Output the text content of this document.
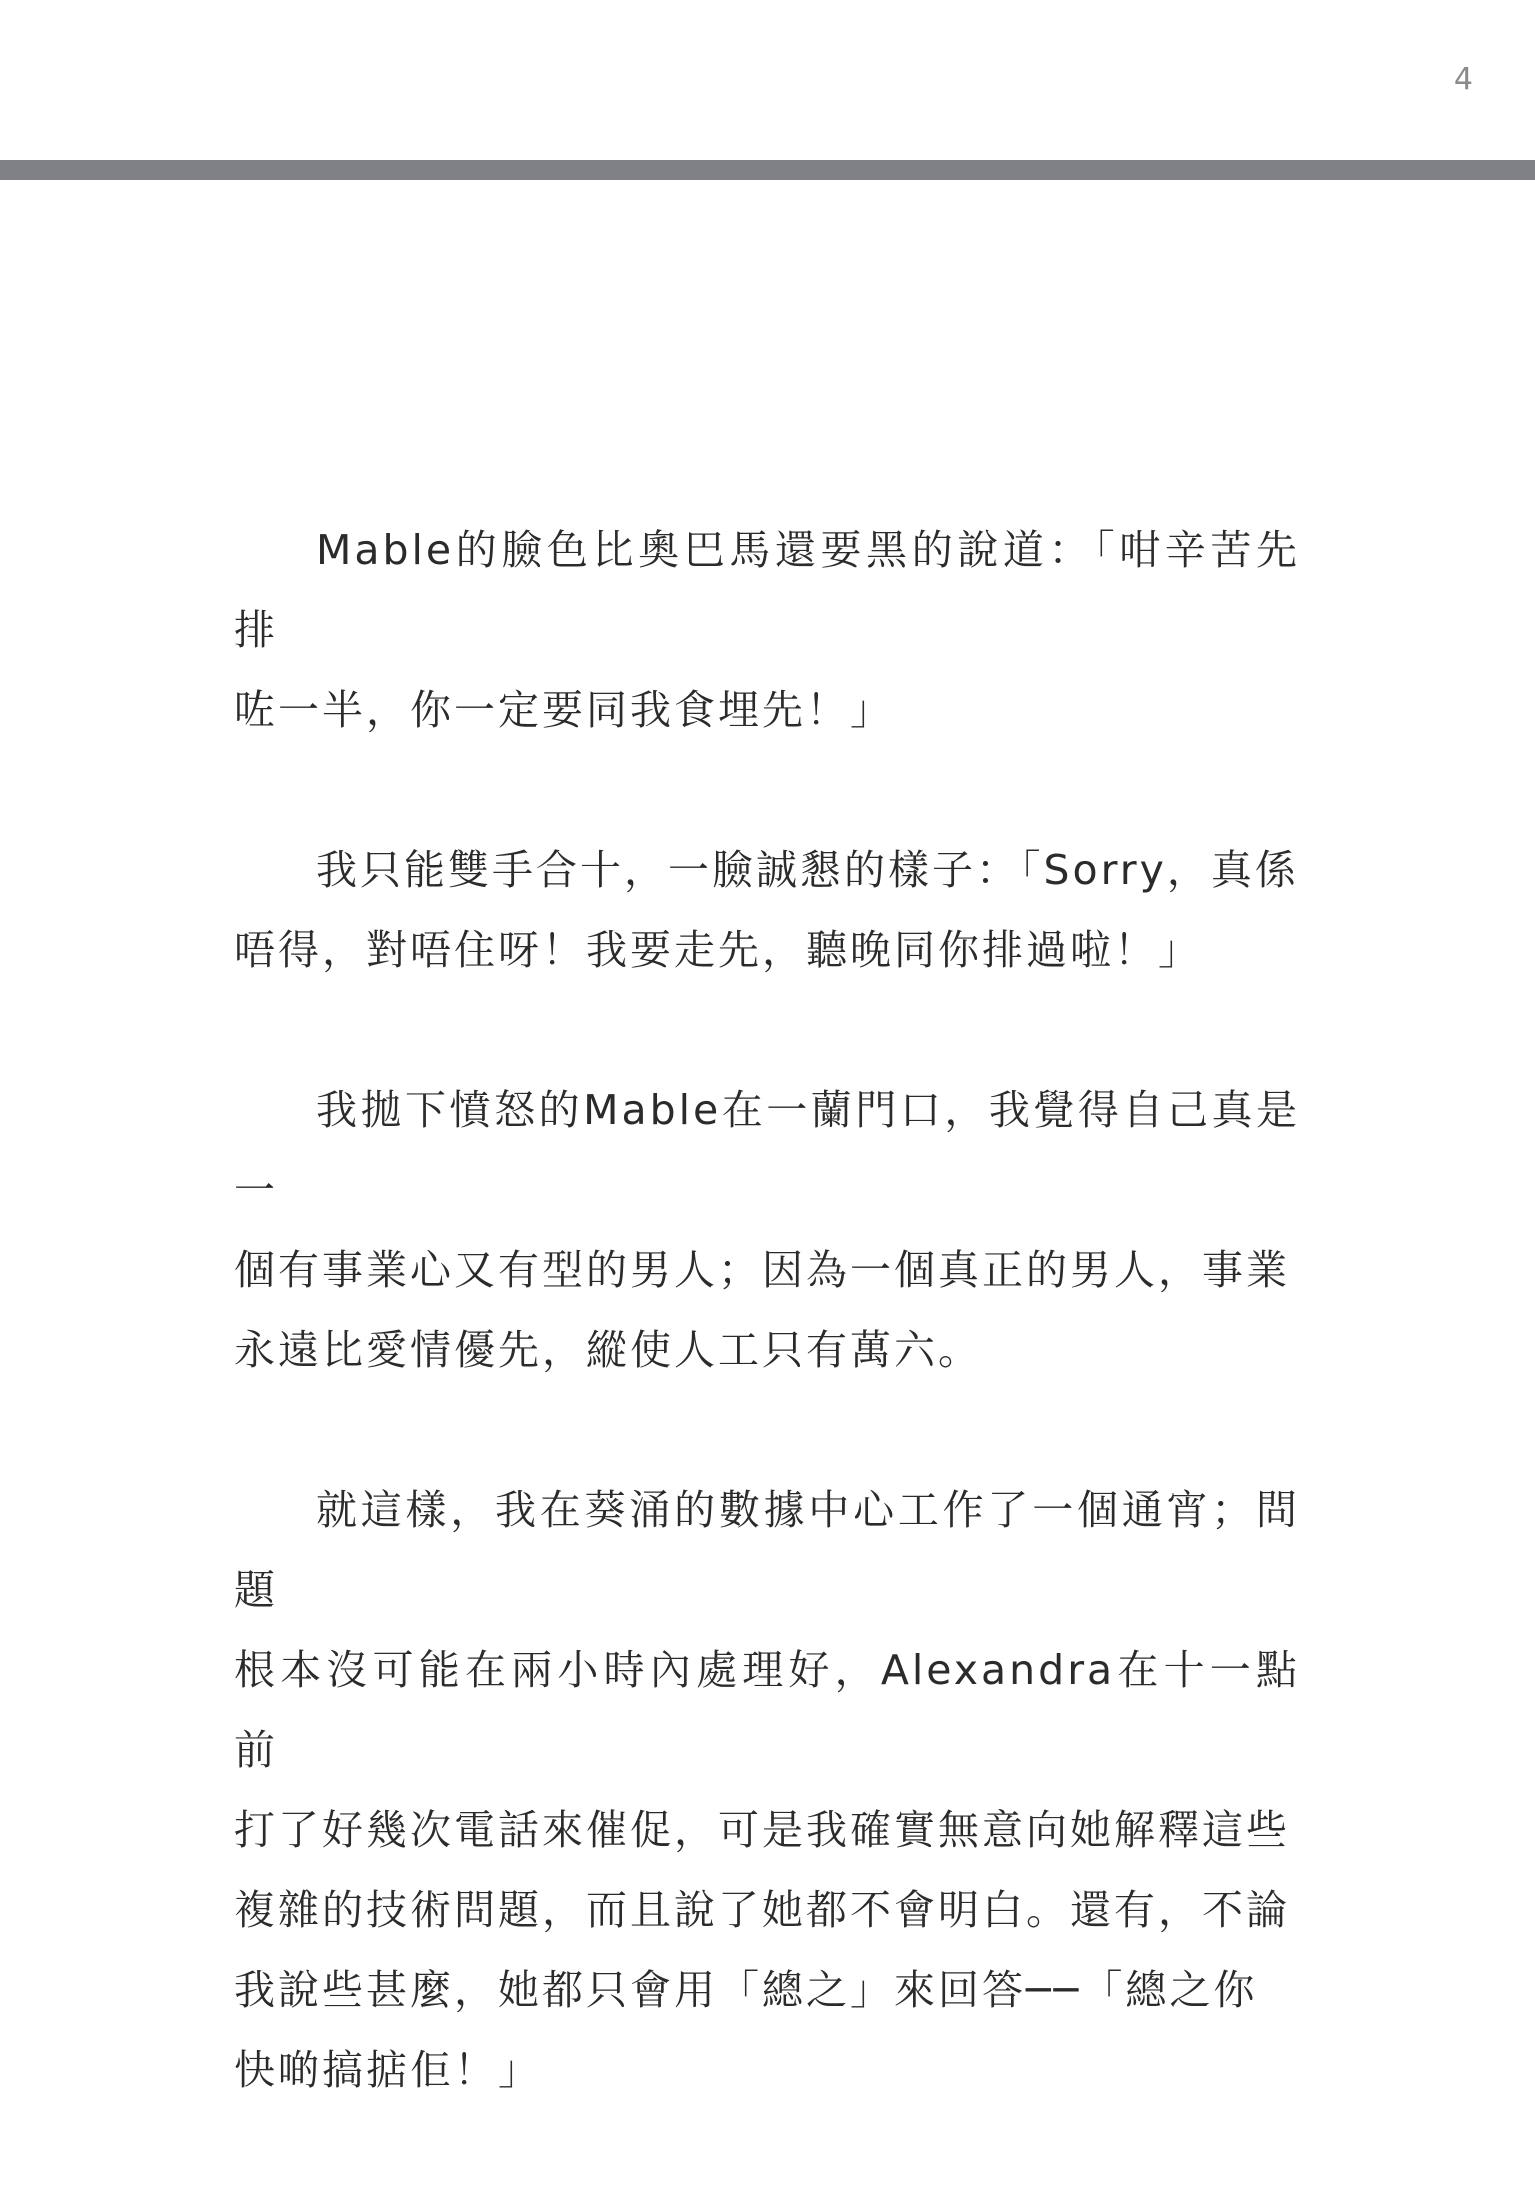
4

Mable的臉色比奧巴馬還要黑的說道：「咁辛苦先排
咗一半，你一定要同我食埋先！」

我只能雙手合十，一臉誠懇的樣子：「Sorry，真係
唔得，對唔住呀！我要走先，聽晚同你排過啦！」

我拋下憤怒的Mable在一蘭門口，我覺得自己真是一
個有事業心又有型的男人；因為一個真正的男人，事業
永遠比愛情優先，縱使人工只有萬六。

就這樣，我在葵涌的數據中心工作了一個通宵；問題
根本沒可能在兩小時內處理好，Alexandra在十一點前
打了好幾次電話來催促，可是我確實無意向她解釋這些
複雜的技術問題，而且說了她都不會明白。還有，不論
我說些甚麼，她都只會用「總之」來回答──「總之你
快啲搞掂佢！」
